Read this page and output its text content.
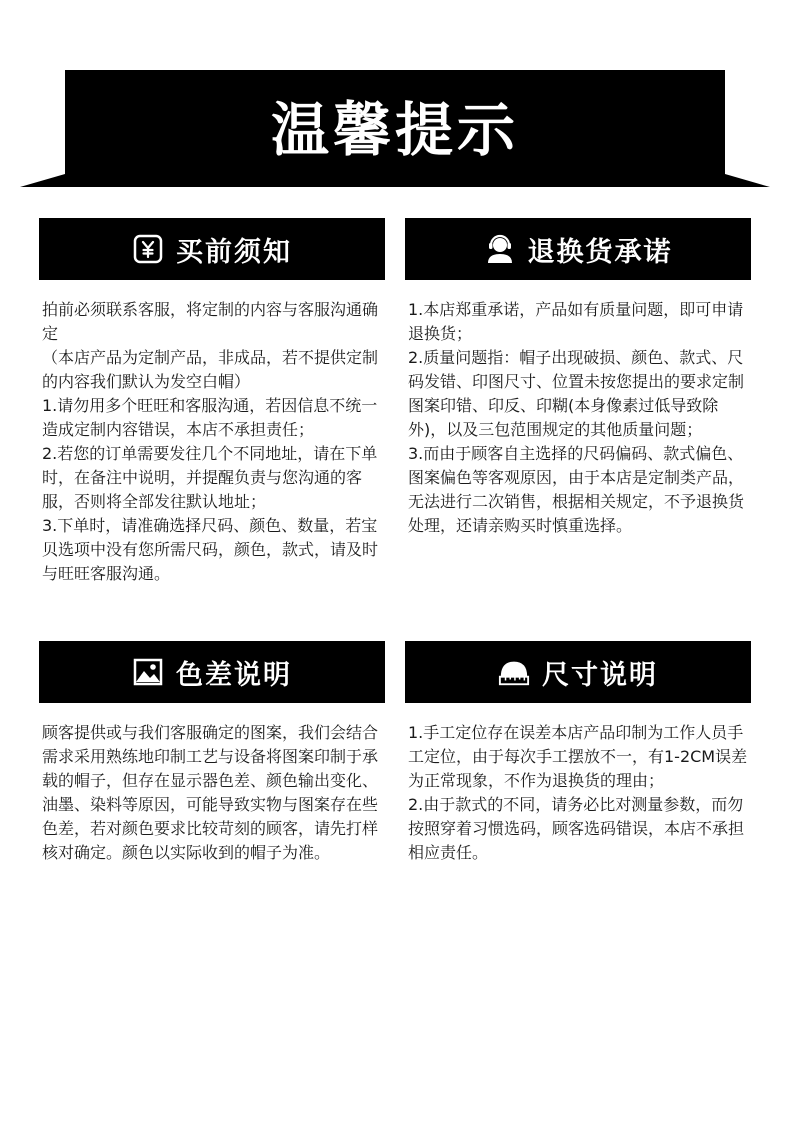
温馨提示
买前须知

拍前必须联系客服，将定制的内容与客服沟通确定

（本店产品为定制产品，非成品，若不提供定制的内容我们默认为发空白帽）

1.请勿用多个旺旺和客服沟通，若因信息不统一造成定制内容错误，本店不承担责任；

2.若您的订单需要发往几个不同地址，请在下单时，在备注中说明，并提醒负责与您沟通的客服，否则将全部发往默认地址；

3.下单时，请准确选择尺码、颜色、数量，若宝贝选项中没有您所需尺码，颜色，款式，请及时与旺旺客服沟通。

退换货承诺

1.本店郑重承诺，产品如有质量问题，即可申请退换货；

2.质量问题指：帽子出现破损、颜色、款式、尺码发错、印图尺寸、位置未按您提出的要求定制图案印错、印反、印糊(本身像素过低导致除外)，以及三包范围规定的其他质量问题；

3.而由于顾客自主选择的尺码偏码、款式偏色、图案偏色等客观原因，由于本店是定制类产品，无法进行二次销售，根据相关规定，不予退换货处理，还请亲购买时慎重选择。

色差说明

顾客提供或与我们客服确定的图案，我们会结合需求采用熟练地印制工艺与设备将图案印制于承载的帽子，但存在显示器色差、颜色输出变化、油墨、染料等原因，可能导致实物与图案存在些色差，若对颜色要求比较苛刻的顾客，请先打样核对确定。颜色以实际收到的帽子为准。

尺寸说明

1.手工定位存在误差本店产品印制为工作人员手工定位，由于每次手工摆放不一，有1-2CM误差为正常现象，不作为退换货的理由；

2.由于款式的不同，请务必比对测量参数，而勿按照穿着习惯选码，顾客选码错误，本店不承担相应责任。
